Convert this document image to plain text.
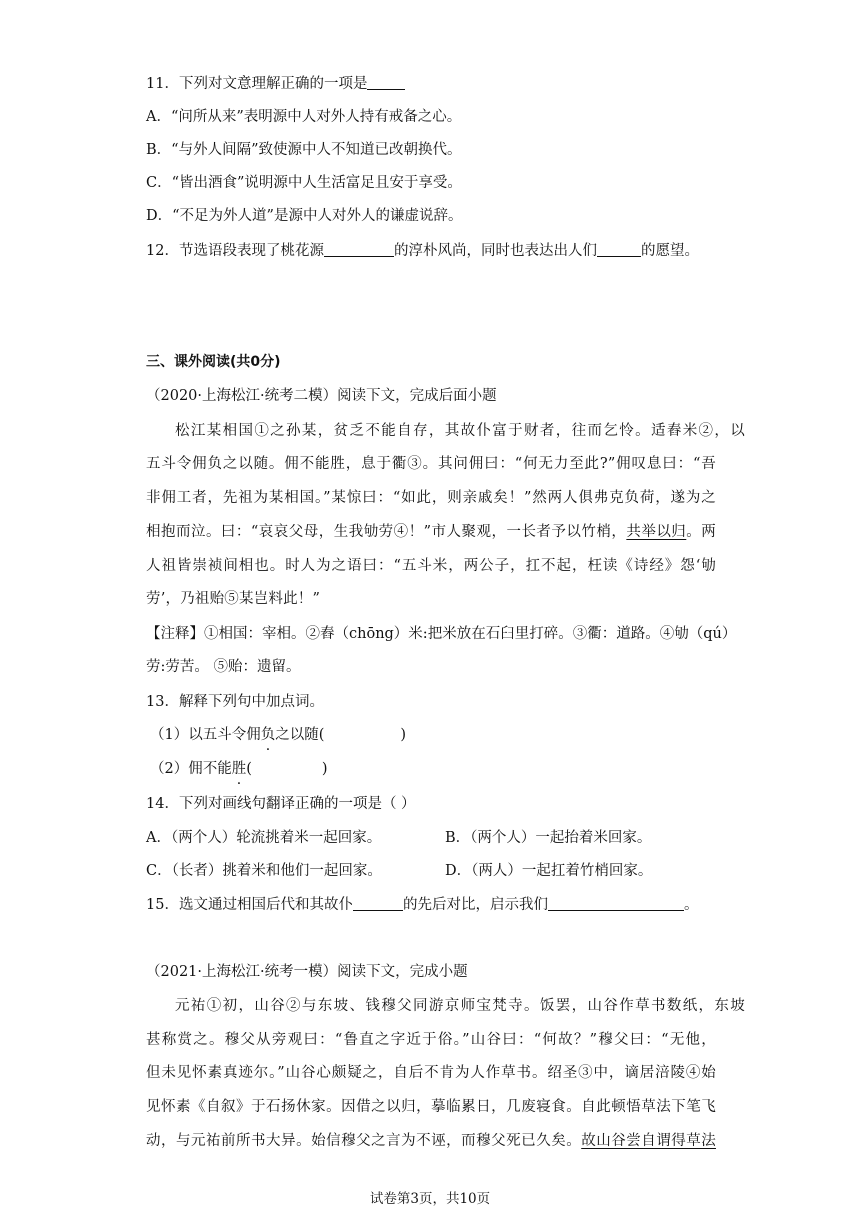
11．下列对文意理解正确的一项是
A．“问所从来”表明源中人对外人持有戒备之心。
B．“与外人间隔”致使源中人不知道已改朝换代。
C．“皆出酒食”说明源中人生活富足且安于享受。
D．“不足为外人道”是源中人对外人的谦虚说辞。
12．节选语段表现了桃花源	的淳朴风尚，同时也表达出人们	的愿望。
三、课外阅读(共0分)
（2020·上海松江·统考二模）阅读下文，完成后面小题
松江某相国①之孙某，贫乏不能自存，其故仆富于财者，往而乞怜。适舂米②，以
五斗令佣负之以随。佣不能胜，息于衢③。其问佣曰：“何无力至此?”佣叹息曰：“吾
非佣工者，先祖为某相国。”某惊曰：“如此，则亲戚矣！”然两人俱弗克负荷，遂为之
相抱而泣。曰：“哀哀父母，生我劬劳④！”市人聚观，一长者予以竹梢，共举以归。两
人祖皆崇祯间相也。时人为之语曰：“五斗米，两公子，扛不起，枉读《诗经》怨‘劬
劳’，乃祖贻⑤某岂料此！”
【注释】①相国：宰相。②舂（chōng）米:把米放在石臼里打碎。③衢：道路。④劬（qú）
劳:劳苦。 ⑤贻：遗留。
13．解释下列句中加点词。
（1）以五斗令佣负之以随(	)
（2）佣不能胜(	)
14．下列对画线句翻译正确的一项是（ ）
A．（两个人）轮流挑着米一起回家。	B．（两个人）一起抬着米回家。
C．（长者）挑着米和他们一起回家。	D．（两人）一起扛着竹梢回家。
15．选文通过相国后代和其故仆	的先后对比，启示我们	。
（2021·上海松江·统考一模）阅读下文，完成小题
元祐①初，山谷②与东坡、钱穆父同游京师宝梵寺。饭罢，山谷作草书数纸，东坡
甚称赏之。穆父从旁观曰：“鲁直之字近于俗。”山谷曰：“何故？”穆父曰：“无他，
但未见怀素真迹尔。”山谷心颇疑之，自后不肯为人作草书。绍圣③中，谪居涪陵④始
见怀素《自叙》于石扬休家。因借之以归，摹临累日，几废寝食。自此顿悟草法下笔飞
动，与元祐前所书大异。始信穆父之言为不诬，而穆父死已久矣。故山谷尝自谓得草法
试卷第3页，共10页
